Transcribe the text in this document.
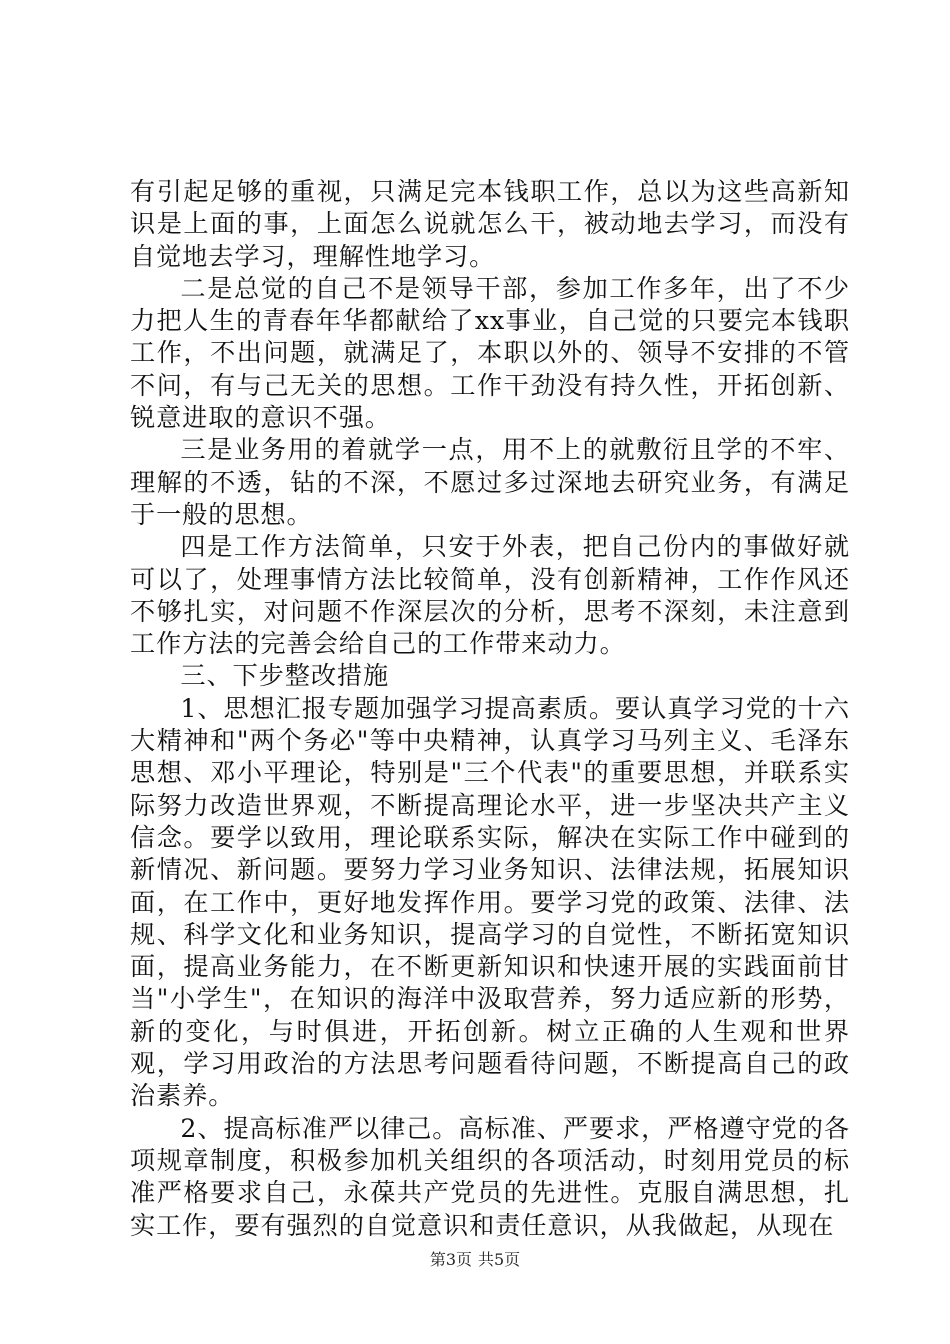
有引起足够的重视，只满足完本钱职工作，总以为这些高新知识是上面的事，上面怎么说就怎么干，被动地去学习，而没有自觉地去学习，理解性地学习。

二是总觉的自己不是领导干部，参加工作多年，出了不少力把人生的青春年华都献给了xx事业，自己觉的只要完本钱职工作，不出问题，就满足了，本职以外的、领导不安排的不管不问，有与己无关的思想。工作干劲没有持久性，开拓创新、锐意进取的意识不强。

三是业务用的着就学一点，用不上的就敷衍且学的不牢、理解的不透，钻的不深，不愿过多过深地去研究业务，有满足于一般的思想。

四是工作方法简单，只安于外表，把自己份内的事做好就可以了，处理事情方法比较简单，没有创新精神，工作作风还不够扎实，对问题不作深层次的分析，思考不深刻，未注意到工作方法的完善会给自己的工作带来动力。

三、下步整改措施

1、思想汇报专题加强学习提高素质。要认真学习党的十六大精神和"两个务必"等中央精神，认真学习马列主义、毛泽东思想、邓小平理论，特别是"三个代表"的重要思想，并联系实际努力改造世界观，不断提高理论水平，进一步坚决共产主义信念。要学以致用，理论联系实际，解决在实际工作中碰到的新情况、新问题。要努力学习业务知识、法律法规，拓展知识面，在工作中，更好地发挥作用。要学习党的政策、法律、法规、科学文化和业务知识，提高学习的自觉性，不断拓宽知识面，提高业务能力，在不断更新知识和快速开展的实践面前甘当"小学生"，在知识的海洋中汲取营养，努力适应新的形势，新的变化，与时俱进，开拓创新。树立正确的人生观和世界观，学习用政治的方法思考问题看待问题，不断提高自己的政治素养。

2、提高标准严以律己。高标准、严要求，严格遵守党的各项规章制度，积极参加机关组织的各项活动，时刻用党员的标准严格要求自己，永葆共产党员的先进性。克服自满思想，扎实工作，要有强烈的自觉意识和责任意识，从我做起，从现在

第3页 共5页
